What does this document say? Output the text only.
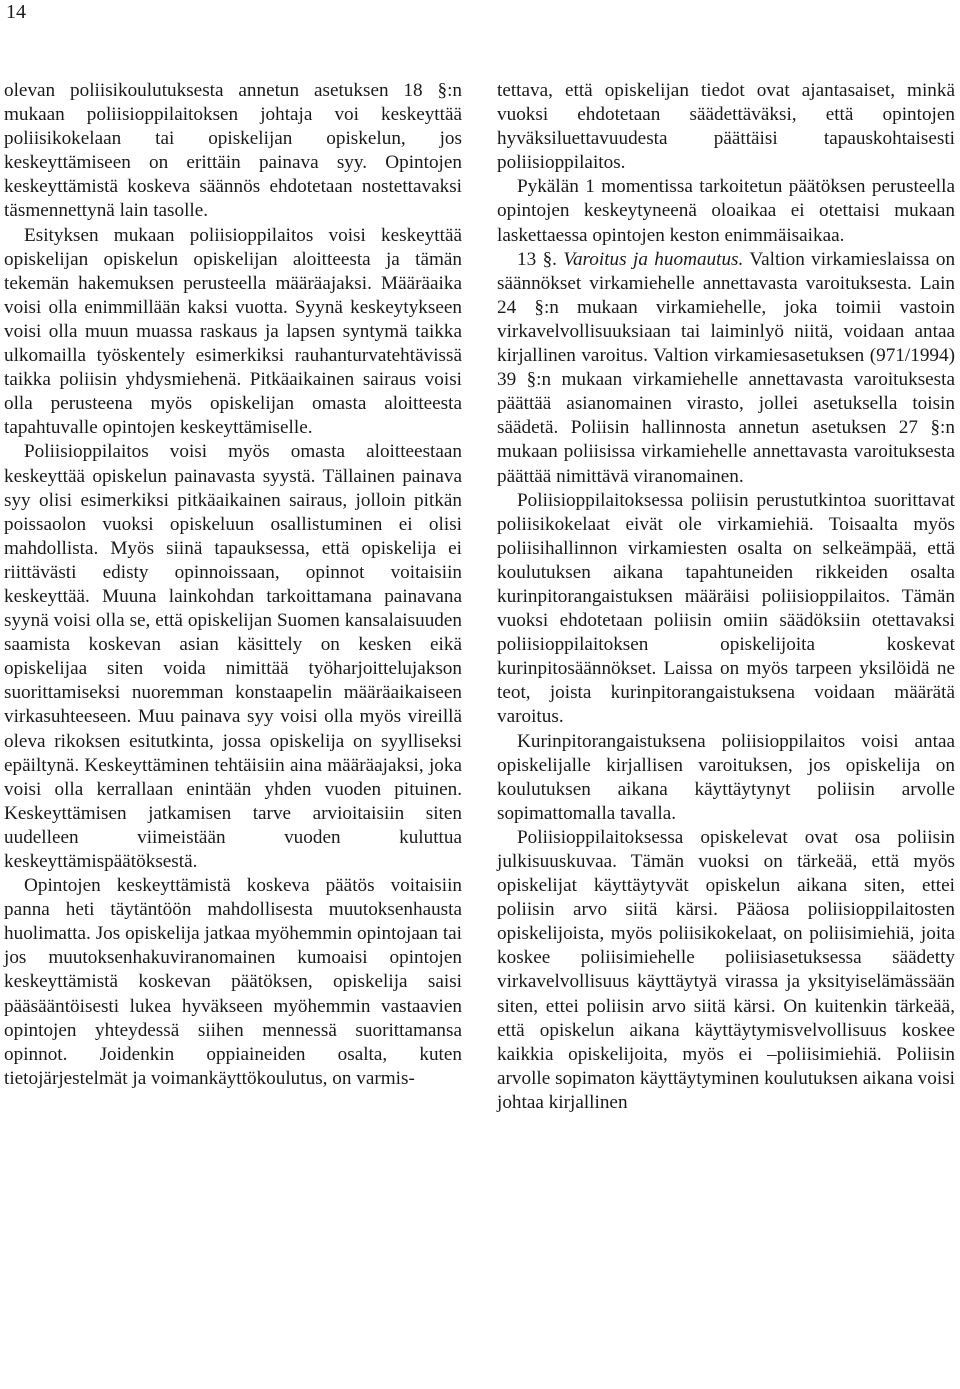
14

olevan poliisikoulutuksesta annetun asetuksen 18 §:n mukaan poliisioppilaitoksen johtaja voi keskeyttää poliisikokelaan tai opiskelijan opiskelun, jos keskeyttämiseen on erittäin painava syy. Opintojen keskeyttämistä koskeva säännös ehdotetaan nostettavaksi täsmennettynä lain tasolle.

Esityksen mukaan poliisioppilaitos voisi keskeyttää opiskelijan opiskelun opiskelijan aloitteesta ja tämän tekemän hakemuksen perusteella määräajaksi. Määräaika voisi olla enimmillään kaksi vuotta. Syynä keskeytykseen voisi olla muun muassa raskaus ja lapsen syntymä taikka ulkomailla työskentely esimerkiksi rauhanturvatehtävissä taikka poliisin yhdysmiehenä. Pitkäaikainen sairaus voisi olla perusteena myös opiskelijan omasta aloitteesta tapahtuvalle opintojen keskeyttämiselle.

Poliisioppilaitos voisi myös omasta aloitteestaan keskeyttää opiskelun painavasta syystä. Tällainen painava syy olisi esimerkiksi pitkäaikainen sairaus, jolloin pitkän poissaolon vuoksi opiskeluun osallistuminen ei olisi mahdollista. Myös siinä tapauksessa, että opiskelija ei riittävästi edisty opinnoissaan, opinnot voitaisiin keskeyttää. Muuna lainkohdan tarkoittamana painavana syynä voisi olla se, että opiskelijan Suomen kansalaisuuden saamista koskevan asian käsittely on kesken eikä opiskelijaa siten voida nimittää työharjoittelujakson suorittamiseksi nuoremman konstaapelin määräaikaiseen virkasuhteeseen. Muu painava syy voisi olla myös vireillä oleva rikoksen esitutkinta, jossa opiskelija on syylliseksi epäiltynä. Keskeyttäminen tehtäisiin aina määräajaksi, joka voisi olla kerrallaan enintään yhden vuoden pituinen. Keskeyttämisen jatkamisen tarve arvioitaisiin siten uudelleen viimeistään vuoden kuluttua keskeyttämispäätöksestä.

Opintojen keskeyttämistä koskeva päätös voitaisiin panna heti täytäntöön mahdollisesta muutoksenhausta huolimatta. Jos opiskelija jatkaa myöhemmin opintojaan tai jos muutoksenhakuviranomainen kumoaisi opintojen keskeyttämistä koskevan päätöksen, opiskelija saisi pääsääntöisesti lukea hyväkseen myöhemmin vastaavien opintojen yhteydessä siihen mennessä suorittamansa opinnot. Joidenkin oppiaineiden osalta, kuten tietojärjestelmät ja voimankäyttökoulutus, on varmis-

tettava, että opiskelijan tiedot ovat ajantasaiset, minkä vuoksi ehdotetaan säädettäväksi, että opintojen hyväksiluettavuudesta päättäisi tapauskohtaisesti poliisioppilaitos.

Pykälän 1 momentissa tarkoitetun päätöksen perusteella opintojen keskeytyneenä oloaikaa ei otettaisi mukaan laskettaessa opintojen keston enimmäisaikaa.

13 §. Varoitus ja huomautus. Valtion virkamieslaissa on säännökset virkamiehelle annettavasta varoituksesta. Lain 24 §:n mukaan virkamiehelle, joka toimii vastoin virkavelvollisuuksiaan tai laiminlyö niitä, voidaan antaa kirjallinen varoitus. Valtion virkamiesasetuksen (971/1994) 39 §:n mukaan virkamiehelle annettavasta varoituksesta päättää asianomainen virasto, jollei asetuksella toisin säädetä. Poliisin hallinnosta annetun asetuksen 27 §:n mukaan poliisissa virkamiehelle annettavasta varoituksesta päättää nimittävä viranomainen.

Poliisioppilaitoksessa poliisin perustutkintoa suorittavat poliisikokelaat eivät ole virkamiehiä. Toisaalta myös poliisihallinnon virkamiesten osalta on selkeämpää, että koulutuksen aikana tapahtuneiden rikkeiden osalta kurinpitorangaistuksen määräisi poliisioppilaitos. Tämän vuoksi ehdotetaan poliisin omiin säädöksiin otettavaksi poliisioppilaitoksen opiskelijoita koskevat kurinpitosäännökset. Laissa on myös tarpeen yksilöidä ne teot, joista kurinpitorangaistuksena voidaan määrätä varoitus.

Kurinpitorangaistuksena poliisioppilaitos voisi antaa opiskelijalle kirjallisen varoituksen, jos opiskelija on koulutuksen aikana käyttäytynyt poliisin arvolle sopimattomalla tavalla.

Poliisioppilaitoksessa opiskelevat ovat osa poliisin julkisuuskuvaa. Tämän vuoksi on tärkeää, että myös opiskelijat käyttäytyvät opiskelun aikana siten, ettei poliisin arvo siitä kärsi. Pääosa poliisioppilaitosten opiskelijoista, myös poliisikokelaat, on poliisimiehiä, joita koskee poliisimiehelle poliisiasetuksessa säädetty virkavelvollisuus käyttäytyä virassa ja yksityiselämässään siten, ettei poliisin arvo siitä kärsi. On kuitenkin tärkeää, että opiskelun aikana käyttäytymisvelvollisuus koskee kaikkia opiskelijoita, myös ei –poliisimiehiä. Poliisin arvolle sopimaton käyttäytyminen koulutuksen aikana voisi johtaa kirjallinen
